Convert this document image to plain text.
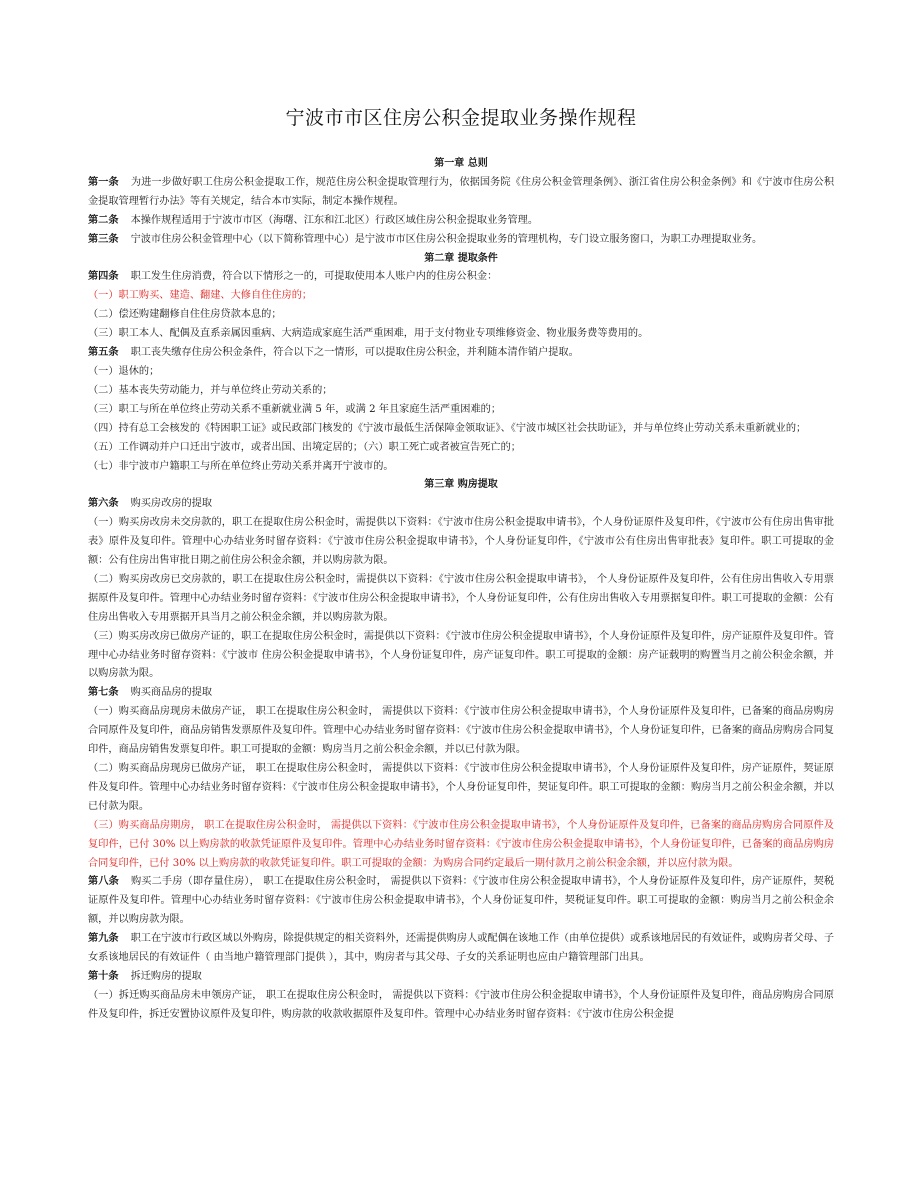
宁波市市区住房公积金提取业务操作规程
第一章 总则

第一条 为进一步做好职工住房公积金提取工作，规范住房公积金提取管理行为，依据国务院《住房公积金管理条例》、浙江省住房公积金条例》和《宁波市住房公积金提取管理暂行办法》等有关规定，结合本市实际，制定本操作规程。

第二条 本操作规程适用于宁波市市区（海曙、江东和江北区）行政区域住房公积金提取业务管理。

第三条 宁波市住房公积金管理中心（以下简称管理中心）是宁波市市区住房公积金提取业务的管理机构，专门设立服务窗口，为职工办理提取业务。

第二章 提取条件

第四条 职工发生住房消费，符合以下情形之一的，可提取使用本人账户内的住房公积金：

（一）职工购买、建造、翻建、大修自住住房的；

（二）偿还购建翻修自住住房贷款本息的；

（三）职工本人、配偶及直系亲属因重病、大病造成家庭生活严重困难，用于支付物业专项维修资金、物业服务费等费用的。

第五条 职工丧失缴存住房公积金条件，符合以下之一情形，可以提取住房公积金，并利随本清作销户提取。

（一）退休的；

（二）基本丧失劳动能力，并与单位终止劳动关系的；

（三）职工与所在单位终止劳动关系不重新就业满 5 年，或满 2 年且家庭生活严重困难的；

（四）持有总工会核发的《特困职工证》或民政部门核发的《宁波市最低生活保障金领取证》、《宁波市城区社会扶助证》，并与单位终止劳动关系未重新就业的；

（五）工作调动并户口迁出宁波市，或者出国、出境定居的；（六）职工死亡或者被宣告死亡的；

（七）非宁波市户籍职工与所在单位终止劳动关系并离开宁波市的。

第三章 购房提取

第六条 购买房改房的提取

（一）购买房改房未交房款的，职工在提取住房公积金时，需提供以下资料：《宁波市住房公积金提取申请书》，个人身份证原件及复印件，《宁波市公有住房出售审批表》原件及复印件。管理中心办结业务时留存资料：《宁波市住房公积金提取申请书》，个人身份证复印件，《宁波市公有住房出售审批表》复印件。职工可提取的金额：公有住房出售审批日期之前住房公积金余额，并以购房款为限。

（二）购买房改房已交房款的，职工在提取住房公积金时，需提供以下资料：《宁波市住房公积金提取申请书》， 个人身份证原件及复印件，公有住房出售收入专用票据原件及复印件。管理中心办结业务时留存资料：《宁波市住房公积金提取申请书》，个人身份证复印件，公有住房出售收入专用票据复印件。职工可提取的金额：公有住房出售收入专用票据开具当月之前公积金余额，并以购房款为限。

（三）购买房改房已做房产证的，职工在提取住房公积金时，需提供以下资料：《宁波市住房公积金提取申请书》，个人身份证原件及复印件，房产证原件及复印件。管理中心办结业务时留存资料：《宁波市 住房公积金提取申请书》，个人身份证复印件，房产证复印件。职工可提取的金额：房产证载明的购置当月之前公积金余额，并以购房款为限。

第七条 购买商品房的提取

（一）购买商品房现房未做房产证， 职工在提取住房公积金时， 需提供以下资料：《宁波市住房公积金提取申请书》，个人身份证原件及复印件，已备案的商品房购房合同原件及复印件，商品房销售发票原件及复印件。管理中心办结业务时留存资料：《宁波市住房公积金提取申请书》，个人身份证复印件，已备案的商品房购房合同复印件，商品房销售发票复印件。职工可提取的金额：购房当月之前公积金余额，并以已付款为限。

（二）购买商品房现房已做房产证， 职工在提取住房公积金时， 需提供以下资料：《宁波市住房公积金提取申请书》，个人身份证原件及复印件，房产证原件，契证原件及复印件。管理中心办结业务时留存资料：《宁波市住房公积金提取申请书》，个人身份证复印件，契证复印件。职工可提取的金额：购房当月之前公积金余额，并以已付款为限。

（三）购买商品房期房， 职工在提取住房公积金时， 需提供以下资料：《宁波市住房公积金提取申请书》，个人身份证原件及复印件，已备案的商品房购房合同原件及复印件，已付 30% 以上购房款的收款凭证原件及复印件。管理中心办结业务时留存资料：《宁波市住房公积金提取申请书》，个人身份证复印件，已备案的商品房购房合同复印件，已付 30% 以上购房款的收款凭证复印件。职工可提取的金额：为购房合同约定最后一期付款月之前公积金余额，并以应付款为限。

第八条 购买二手房（即存量住房）， 职工在提取住房公积金时， 需提供以下资料：《宁波市住房公积金提取申请书》，个人身份证原件及复印件，房产证原件，契税证原件及复印件。管理中心办结业务时留存资料：《宁波市住房公积金提取申请书》，个人身份证复印件，契税证复印件。职工可提取的金额：购房当月之前公积金余额，并以购房款为限。

第九条 职工在宁波市行政区域以外购房，除提供规定的相关资料外，还需提供购房人或配偶在该地工作（由单位提供）或系该地居民的有效证件，或购房者父母、子女系该地居民的有效证件（ 由当地户籍管理部门提供 ），其中，购房者与其父母、子女的关系证明也应由户籍管理部门出具。

第十条 拆迁购房的提取

（一）拆迁购买商品房未申领房产证， 职工在提取住房公积金时， 需提供以下资料：《宁波市住房公积金提取申请书》，个人身份证原件及复印件，商品房购房合同原件及复印件，拆迁安置协议原件及复印件，购房款的收款收据原件及复印件。管理中心办结业务时留存资料：《宁波市住房公积金提
